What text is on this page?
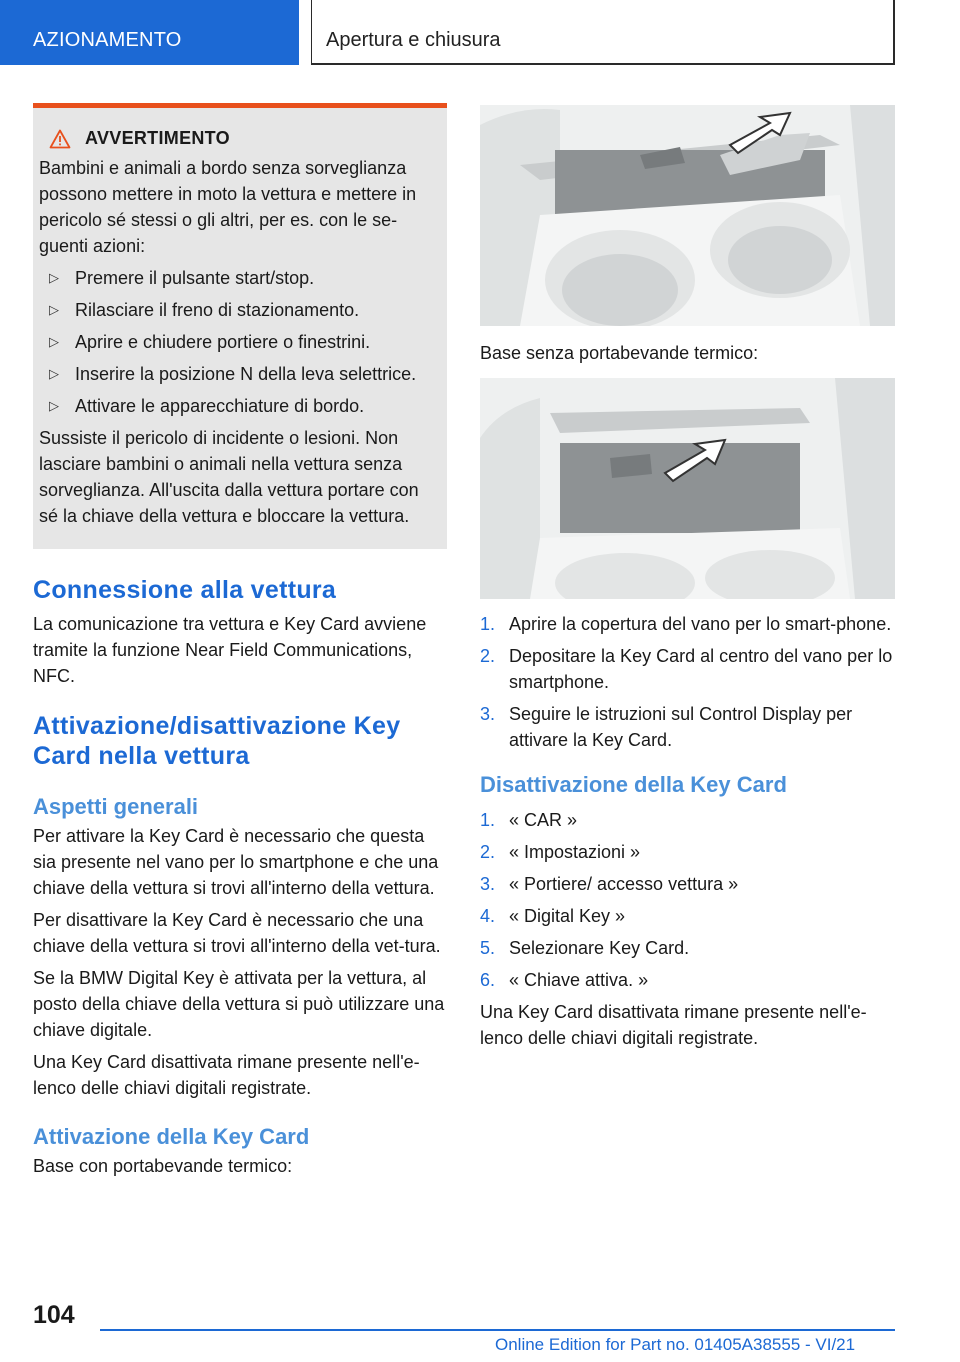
AZIONAMENTO	Apertura e chiusura
AVVERTIMENTO

Bambini e animali a bordo senza sorveglianza possono mettere in moto la vettura e mettere in pericolo sé stessi o gli altri, per es. con le se-guenti azioni:

▷ Premere il pulsante start/stop.
▷ Rilasciare il freno di stazionamento.
▷ Aprire e chiudere portiere o finestrini.
▷ Inserire la posizione N della leva selettrice.
▷ Attivare le apparecchiature di bordo.

Sussiste il pericolo di incidente o lesioni. Non lasciare bambini o animali nella vettura senza sorveglianza. All'uscita dalla vettura portare con sé la chiave della vettura e bloccare la vettura.

Connessione alla vettura

La comunicazione tra vettura e Key Card avviene tramite la funzione Near Field Communications, NFC.

Attivazione/disattivazione Key Card nella vettura
Aspetti generali

Per attivare la Key Card è necessario che questa sia presente nel vano per lo smartphone e che una chiave della vettura si trovi all'interno della vettura.

Per disattivare la Key Card è necessario che una chiave della vettura si trovi all'interno della vet-tura.

Se la BMW Digital Key è attivata per la vettura, al posto della chiave della vettura si può utilizzare una chiave digitale.

Una Key Card disattivata rimane presente nell'e-lenco delle chiavi digitali registrate.

Attivazione della Key Card

Base con portabevande termico:

Base senza portabevande termico:

1. Aprire la copertura del vano per lo smart-phone.
2. Depositare la Key Card al centro del vano per lo smartphone.
3. Seguire le istruzioni sul Control Display per attivare la Key Card.
Disattivazione della Key Card
1. « CAR »
2. « Impostazioni »
3. « Portiere/ accesso vettura »
4. « Digital Key »
5. Selezionare Key Card.
6. « Chiave attiva. »

Una Key Card disattivata rimane presente nell'e-lenco delle chiavi digitali registrate.

104
Online Edition for Part no. 01405A38555 - VI/21
